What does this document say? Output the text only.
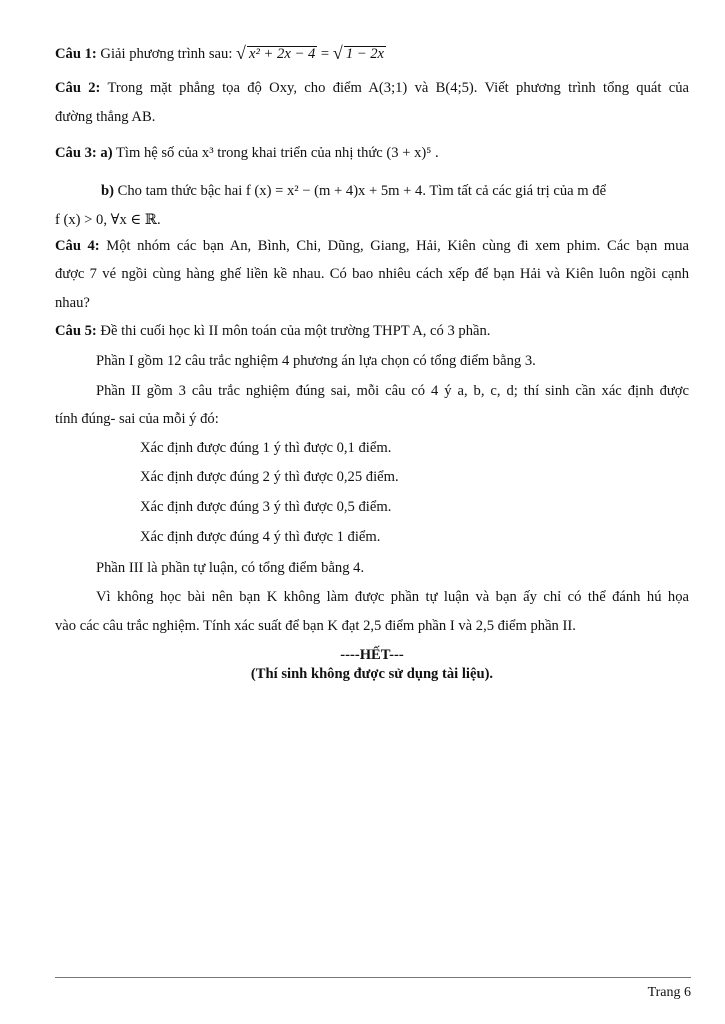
Câu 1: Giải phương trình sau: √ x² + 2x − 4 = √ 1 − 2x
Câu 2: Trong mặt phẳng tọa độ Oxy, cho điểm A(3;1) và B(4;5). Viết phương trình tổng quát của
đường thẳng AB.
Câu 3: a) Tìm hệ số của x³ trong khai triển của nhị thức (3 + x)⁵ .
b) Cho tam thức bậc hai f (x) = x² − (m + 4)x + 5m + 4. Tìm tất cả các giá trị của m để
f (x) > 0, ∀x ∈ ℝ.
Câu 4: Một nhóm các bạn An, Bình, Chi, Dũng, Giang, Hải, Kiên cùng đi xem phim. Các bạn mua
được 7 vé ngồi cùng hàng ghế liền kề nhau. Có bao nhiêu cách xếp để bạn Hải và Kiên luôn ngồi cạnh
nhau?
Câu 5: Đề thi cuối học kì II môn toán của một trường THPT A, có 3 phần.
Phần I gồm 12 câu trắc nghiệm 4 phương án lựa chọn có tổng điểm bằng 3.
Phần II gồm 3 câu trắc nghiệm đúng sai, mỗi câu có 4 ý a, b, c, d; thí sinh cần xác định được
tính đúng- sai của mỗi ý đó:
Xác định được đúng 1 ý thì được 0,1 điểm.
Xác định được đúng 2 ý thì được 0,25 điểm.
Xác định được đúng 3 ý thì được 0,5 điểm.
Xác định được đúng 4 ý thì được 1 điểm.
Phần III là phần tự luận, có tổng điểm bằng 4.
Vì không học bài nên bạn K không làm được phần tự luận và bạn ấy chỉ có thể đánh hú họa
vào các câu trắc nghiệm. Tính xác suất để bạn K đạt 2,5 điểm phần I và 2,5 điểm phần II.
----HẾT---
(Thí sinh không được sử dụng tài liệu).
Trang 6
